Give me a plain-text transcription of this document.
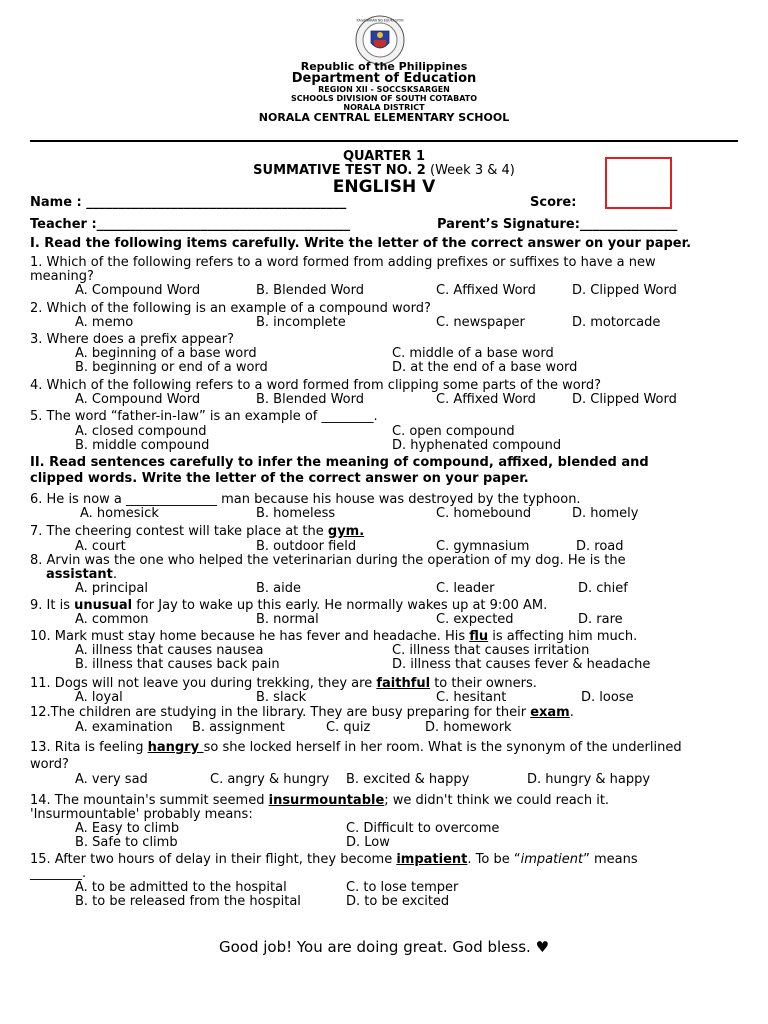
KAGAWARAN NG EDUKASYON
Republic of the Philippines
Department of Education
REGION XII - SOCCSKSARGEN
SCHOOLS DIVISION OF SOUTH COTABATO
NORALA DISTRICT
NORALA CENTRAL ELEMENTARY SCHOOL
QUARTER 1
SUMMATIVE TEST NO. 2 (Week 3 & 4)
ENGLISH V
Name : ________________________________________	Score:
Teacher :_______________________________________	Parent’s Signature:_______________
I. Read the following items carefully. Write the letter of the correct answer on your paper.
1. Which of the following refers to a word formed from adding prefixes or suffixes to have a new
meaning?
A. Compound Word	B. Blended Word	C. Affixed Word	D. Clipped Word
2. Which of the following is an example of a compound word?
A. memo	B. incomplete	C. newspaper	D. motorcade
3. Where does a prefix appear?
A. beginning of a base word	C. middle of a base word
B. beginning or end of a word	D. at the end of a base word
4. Which of the following refers to a word formed from clipping some parts of the word?
A. Compound Word	B. Blended Word	C. Affixed Word	D. Clipped Word
5. The word “father-in-law” is an example of ________.
A. closed compound	C. open compound
B. middle compound	D. hyphenated compound
II. Read sentences carefully to infer the meaning of compound, affixed, blended and
clipped words. Write the letter of the correct answer on your paper.
6. He is now a ______________ man because his house was destroyed by the typhoon.
A. homesick	B. homeless	C. homebound	D. homely
7. The cheering contest will take place at the gym.
A. court	B. outdoor field	C. gymnasium	D. road
8. Arvin was the one who helped the veterinarian during the operation of my dog. He is the
assistant.
A. principal	B. aide	C. leader	D. chief
9. It is unusual for Jay to wake up this early. He normally wakes up at 9:00 AM.
A. common	B. normal	C. expected	D. rare
10. Mark must stay home because he has fever and headache. His flu is affecting him much.
A. illness that causes nausea	C. illness that causes irritation
B. illness that causes back pain	D. illness that causes fever & headache
11. Dogs will not leave you during trekking, they are faithful to their owners.
A. loyal	B. slack	C. hesitant	D. loose
12.The children are studying in the library. They are busy preparing for their exam.
A. examination B. assignment	C. quiz	D. homework
13. Rita is feeling hangry so she locked herself in her room. What is the synonym of the underlined
word?
A. very sad	C. angry & hungry B. excited & happy	D. hungry & happy
14. The mountain's summit seemed insurmountable; we didn't think we could reach it.
'Insurmountable' probably means:
A. Easy to climb	C. Difficult to overcome
B. Safe to climb	D. Low
15. After two hours of delay in their flight, they become impatient. To be “impatient” means
________.
A. to be admitted to the hospital	C. to lose temper
B. to be released from the hospital	D. to be excited
Good job! You are doing great. God bless. ♥
